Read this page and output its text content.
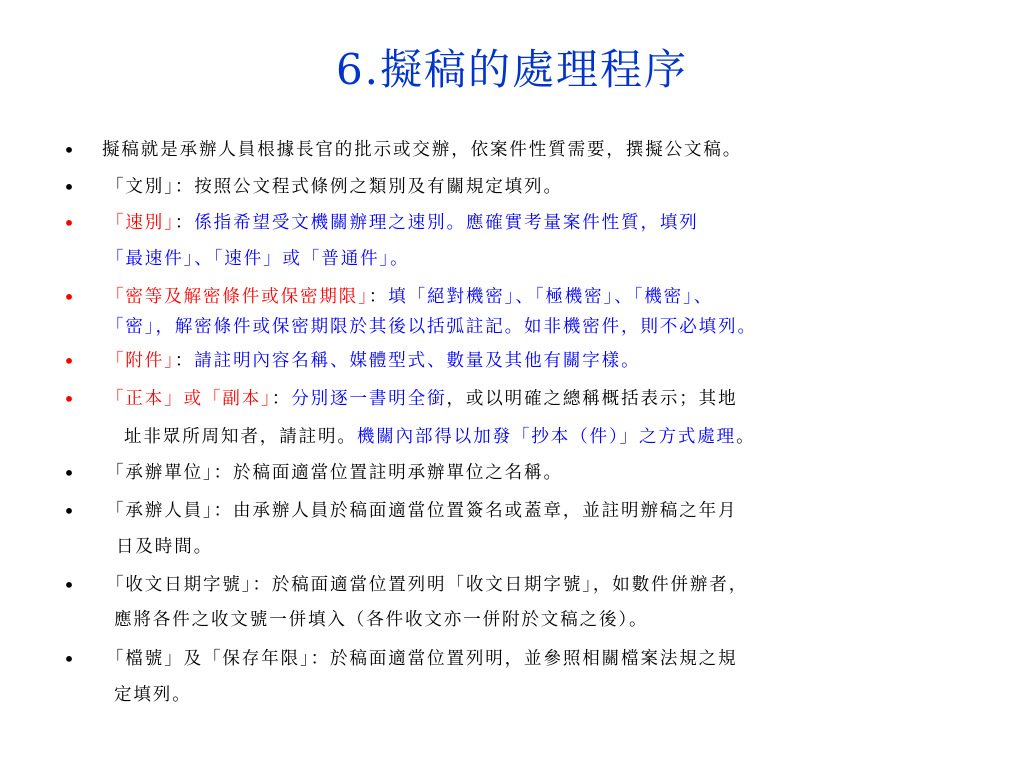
6.擬稿的處理程序
• 擬稿就是承辦人員根據長官的批示或交辦，依案件性質需要，撰擬公文稿。
• 「文別」：按照公文程式條例之類別及有關規定填列。
• 「速別」：係指希望受文機關辦理之速別。應確實考量案件性質，填列
「最速件」、「速件」或「普通件」。
• 「密等及解密條件或保密期限」：填「絕對機密」、「極機密」、「機密」、
「密」，解密條件或保密期限於其後以括弧註記。如非機密件，則不必填列。
• 「附件」：請註明內容名稱、媒體型式、數量及其他有關字樣。
• 「正本」或「副本」：分別逐一書明全銜，或以明確之總稱概括表示；其地
址非眾所周知者，請註明。機關內部得以加發「抄本（件）」之方式處理。
• 「承辦單位」：於稿面適當位置註明承辦單位之名稱。
• 「承辦人員」：由承辦人員於稿面適當位置簽名或蓋章，並註明辦稿之年月
日及時間。
• 「收文日期字號」：於稿面適當位置列明「收文日期字號」，如數件併辦者，
應將各件之收文號一併填入（各件收文亦一併附於文稿之後）。
• 「檔號」及「保存年限」：於稿面適當位置列明，並參照相關檔案法規之規
定填列。
